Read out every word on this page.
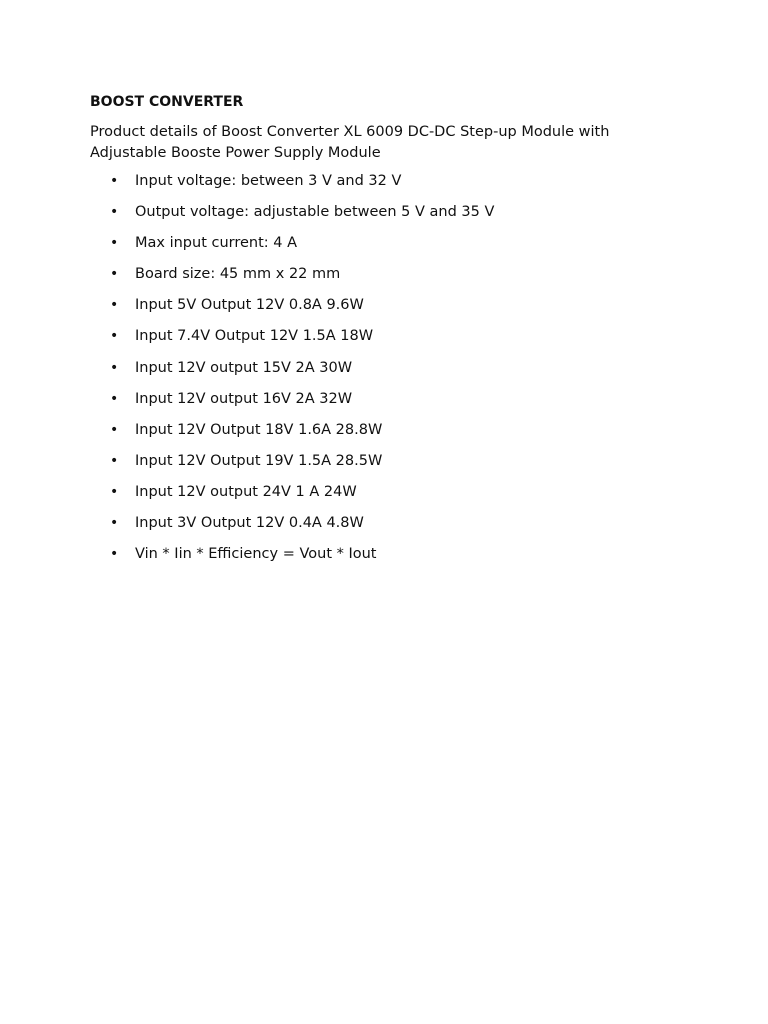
BOOST CONVERTER
Product details of Boost Converter XL 6009 DC-DC Step-up Module with Adjustable Booste Power Supply Module
• Input voltage: between 3 V and 32 V
• Output voltage: adjustable between 5 V and 35 V
• Max input current: 4 A
• Board size: 45 mm x 22 mm
• Input 5V Output 12V 0.8A 9.6W
• Input 7.4V Output 12V 1.5A 18W
• Input 12V output 15V 2A 30W
• Input 12V output 16V 2A 32W
• Input 12V Output 18V 1.6A 28.8W
• Input 12V Output 19V 1.5A 28.5W
• Input 12V output 24V 1 A 24W
• Input 3V Output 12V 0.4A 4.8W
• Vin * Iin * Efficiency = Vout * Iout
